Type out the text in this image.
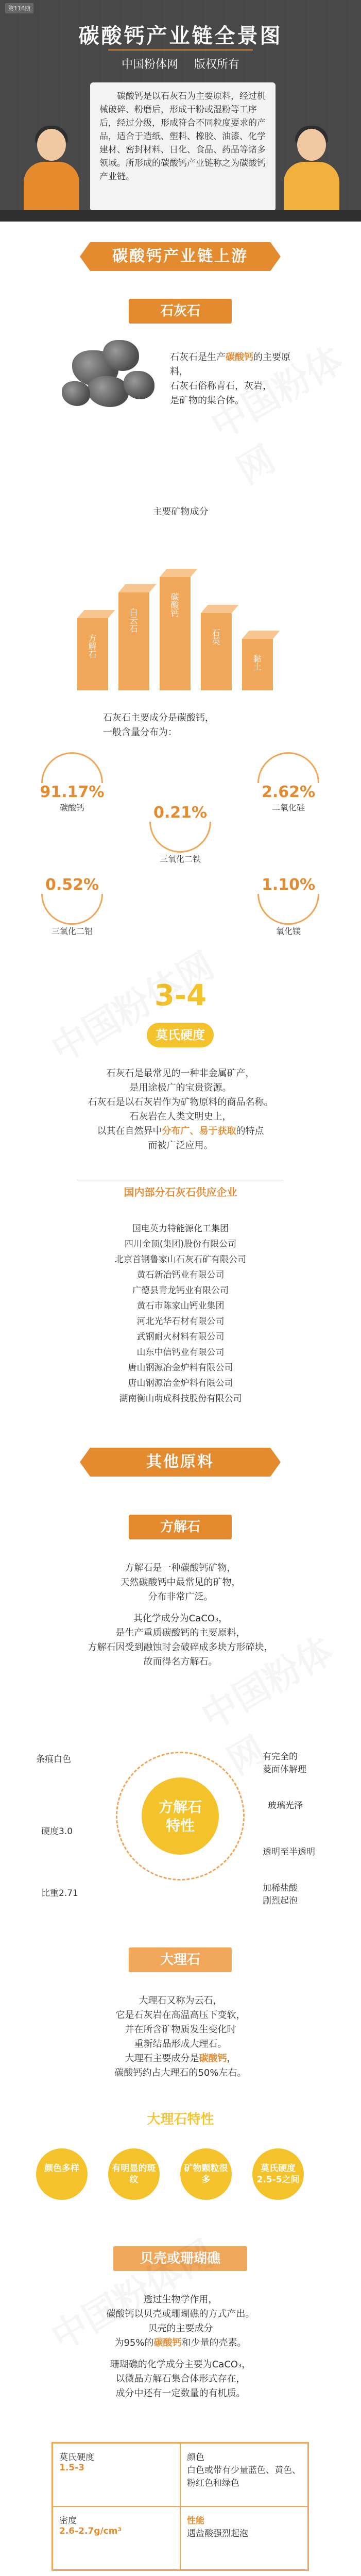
第116期
碳酸钙产业链全景图
中国粉体网 版权所有
碳酸钙是以石灰石为主要原料，经过机械破碎、粉磨后，形成干粉或湿粉等工序后，经过分级，形成符合不同粒度要求的产品，适合于造纸、塑料、橡胶、油漆、化学建材、密封材料、日化、食品、药品等诸多领域。所形成的碳酸钙产业链称之为碳酸钙产业链。
碳酸钙产业链上游
石灰石
石灰石是生产碳酸钙的主要原料，
石灰石俗称青石，灰岩，
是矿物的集合体。
主要矿物成分
方解石
白云石
碳酸钙
石英
黏土
石灰石主要成分是碳酸钙，
一般含量分布为：
91.17%
碳酸钙
2.62%
二氧化硅
0.21%
三氧化二铁
0.52%
三氧化二铝
1.10%
氧化镁
3-4
莫氏硬度
石灰石是最常见的一种非金属矿产，
是用途极广的宝贵资源。
石灰石是以石灰岩作为矿物原料的商品名称。
石灰岩在人类文明史上，
以其在自然界中分布广、易于获取的特点
而被广泛应用。
国内部分石灰石供应企业
国电英力特能源化工集团
四川金顶(集团)股份有限公司
北京首钢鲁家山石灰石矿有限公司
黄石新冶钙业有限公司
广德县青龙钙业有限公司
黄石市陈家山钙业集团
河北光华石材有限公司
武钢耐火材料有限公司
山东中信钙业有限公司
唐山钢源冶金炉料有限公司
唐山钢源冶金炉料有限公司
湖南衡山萌成科技股份有限公司
其他原料
方解石
方解石是一种碳酸钙矿物，
天然碳酸钙中最常见的矿物，
分布非常广泛。
其化学成分为CaCO₃，
是生产重质碳酸钙的主要原料，
方解石因受到融蚀时会破碎成多块方形碎块，
故而得名方解石。
方解石
特性
条痕白色	有完全的
菱面体解理
玻璃光泽
硬度3.0
透明至半透明
比重2.71	加稀盐酸
剧烈起泡
大理石
大理石又称为云石，
它是石灰岩在高温高压下变软，
并在所含矿物质发生变化时
重新结晶形成大理石。
大理石主要成分是碳酸钙，
碳酸钙约占大理石的50%左右。
大理石特性
颜色多样	有明显的斑纹
矿物颗粒很多
莫氏硬度2.5-5之间
贝壳或珊瑚礁
透过生物学作用，
碳酸钙以贝壳或珊瑚礁的方式产出。
贝壳的主要成分
为95%的碳酸钙和少量的壳素。
珊瑚礁的化学成分主要为CaCO₃，
以微晶方解石集合体形式存在，
成分中还有一定数量的有机质。
莫氏硬度
1.5-3
颜色
白色或带有少量蓝色、黄色、粉红色和绿色
密度
2.6-2.7g/cm³
性能
遇盐酸强烈起泡
